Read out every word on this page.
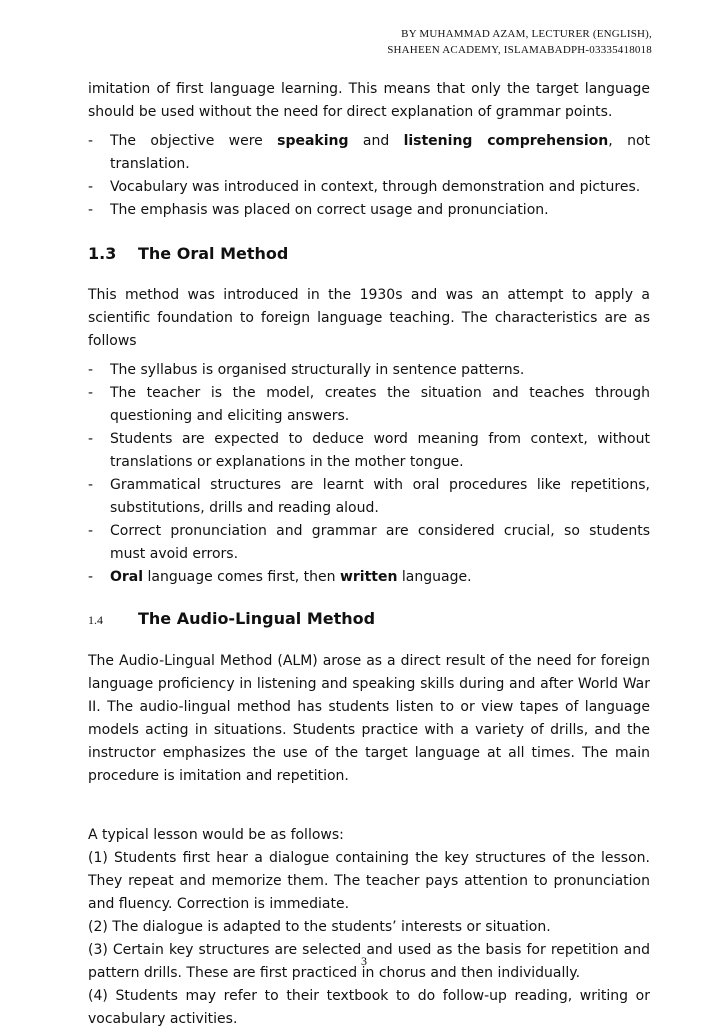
BY MUHAMMAD AZAM, LECTURER (ENGLISH),
SHAHEEN ACADEMY, ISLAMABADPH-03335418018

imitation of first language learning. This means that only the target language should be used without the need for direct explanation of grammar points.

- The objective were speaking and listening comprehension, not translation.
- Vocabulary was introduced in context, through demonstration and pictures.
- The emphasis was placed on correct usage and pronunciation.
1.3	The Oral Method

This method was introduced in the 1930s and was an attempt to apply a scientific foundation to foreign language teaching. The characteristics are as follows

- The syllabus is organised structurally in sentence patterns.
- The teacher is the model, creates the situation and teaches through questioning and eliciting answers.
- Students are expected to deduce word meaning from context, without translations or explanations in the mother tongue.
- Grammatical structures are learnt with oral procedures like repetitions, substitutions, drills and reading aloud.
- Correct pronunciation and grammar are considered crucial, so students must avoid errors.
- Oral language comes first, then written language.
1.4	The Audio-Lingual Method

The Audio-Lingual Method (ALM) arose as a direct result of the need for foreign language proficiency in listening and speaking skills during and after World War II. The audio-lingual method has students listen to or view tapes of language models acting in situations. Students practice with a variety of drills, and the instructor emphasizes the use of the target language at all times. The main procedure is imitation and repetition.

A typical lesson would be as follows:

(1) Students first hear a dialogue containing the key structures of the lesson. They repeat and memorize them. The teacher pays attention to pronunciation and fluency. Correction is immediate.

(2) The dialogue is adapted to the students’ interests or situation.

(3) Certain key structures are selected and used as the basis for repetition and pattern drills. These are first practiced in chorus and then individually.

(4) Students may refer to their textbook to do follow-up reading, writing or vocabulary activities.

3
